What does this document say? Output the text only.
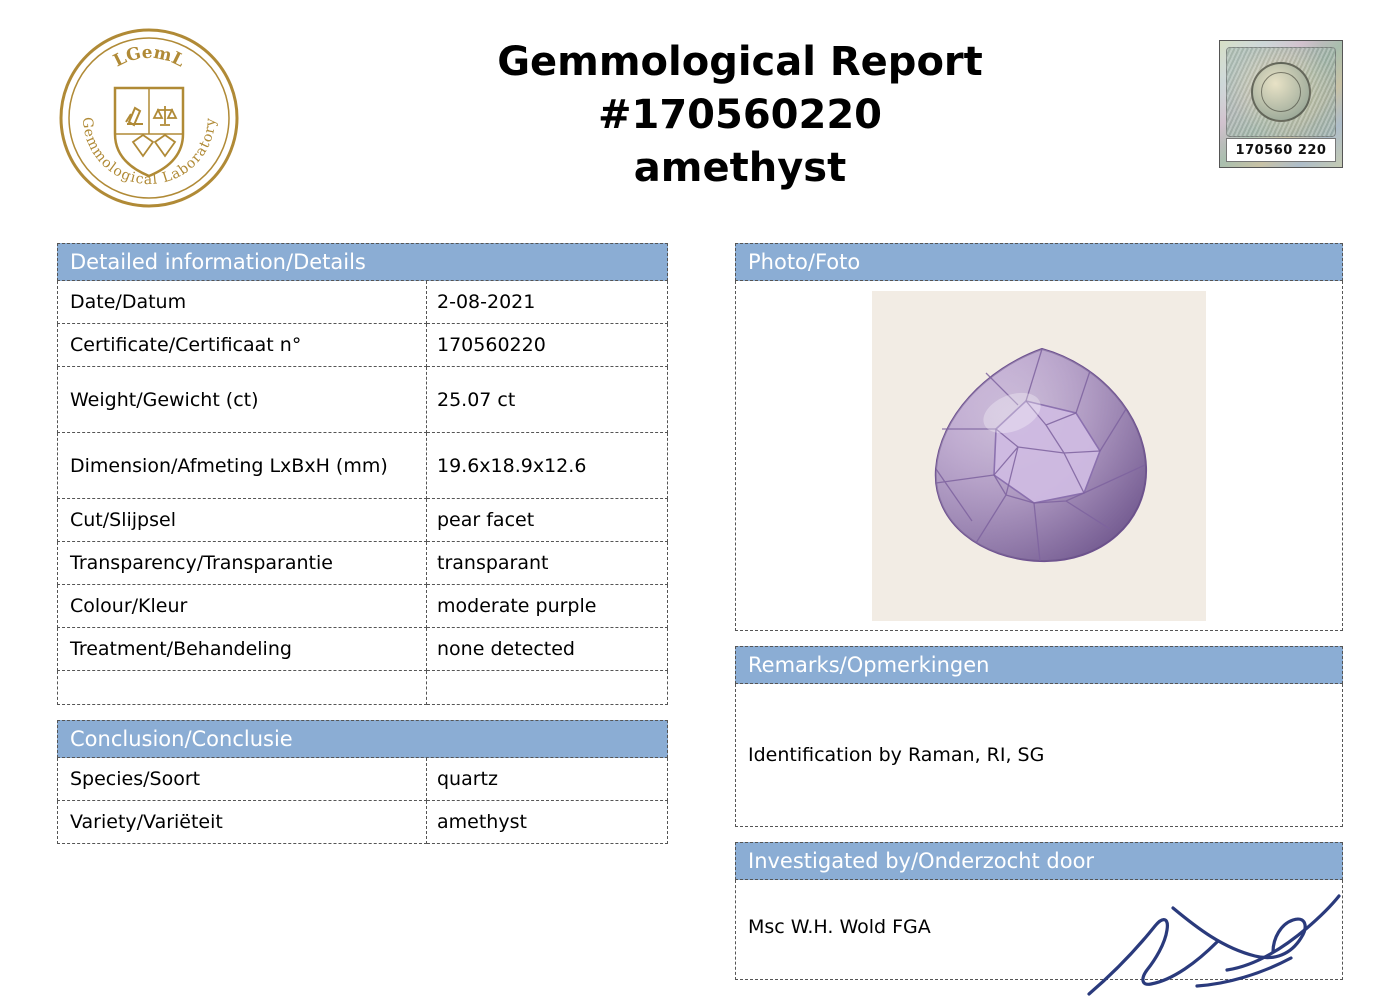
LGemL
Gemmological Laboratory
Gemmological Report
#170560220
amethyst	170560 220
Detailed information/Details
Date/Datum	2-08-2021
Certificate/Certificaat n°	170560220
Weight/Gewicht (ct)	25.07 ct
Dimension/Afmeting LxBxH (mm)	19.6x18.9x12.6
Cut/Slijpsel	pear facet
Transparency/Transparantie	transparant
Colour/Kleur	moderate purple
Treatment/Behandeling	none detected

Conclusion/Conclusie
Species/Soort	quartz
Variety/Variëteit	amethyst
Photo/Foto
Remarks/Opmerkingen
Identification by Raman, RI, SG
Investigated by/Onderzocht door
Msc W.H. Wold FGA
